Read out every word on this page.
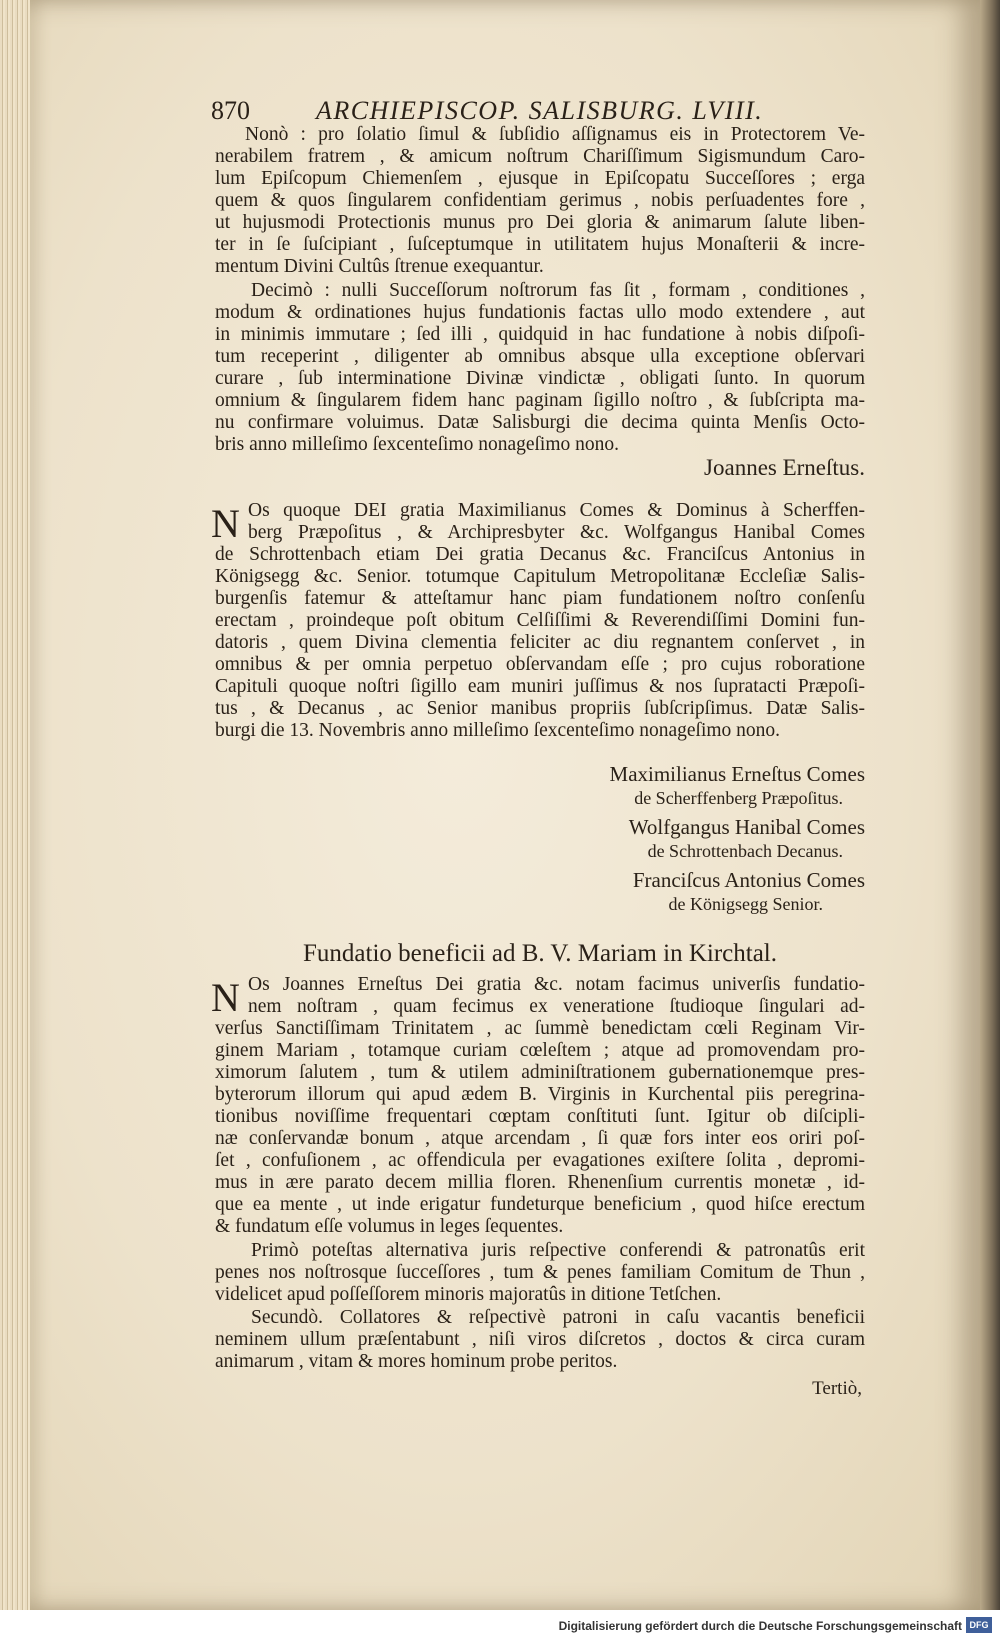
870	ARCHIEPISCOP. SALISBURG. LVIII.
Nonò : pro ſolatio ſimul & ſubſidio aſſignamus eis in Protectorem Ve-
nerabilem fratrem , & amicum noſtrum Chariſſimum Sigismundum Caro-
lum Epiſcopum Chiemenſem , ejusque in Epiſcopatu Succeſſores ; erga
quem & quos ſingularem confidentiam gerimus , nobis perſuadentes fore ,
ut hujusmodi Protectionis munus pro Dei gloria & animarum ſalute liben-
ter in ſe ſuſcipiant , ſuſceptumque in utilitatem hujus Monaſterii & incre-
mentum Divini Cultûs ſtrenue exequantur.
Decimò : nulli Succeſſorum noſtrorum fas ſit , formam , conditiones ,
modum & ordinationes hujus fundationis factas ullo modo extendere , aut
in minimis immutare ; ſed illi , quidquid in hac fundatione à nobis diſpoſi-
tum receperint , diligenter ab omnibus absque ulla exceptione obſervari
curare , ſub interminatione Divinæ vindictæ , obligati ſunto. In quorum
omnium & ſingularem fidem hanc paginam ſigillo noſtro , & ſubſcripta ma-
nu confirmare voluimus. Datæ Salisburgi die decima quinta Menſis Octo-
bris anno milleſimo ſexcenteſimo nonageſimo nono.
Joannes Erneſtus.
N Os quoque DEI gratia Maximilianus Comes & Dominus à Scherffen-
berg Præpoſitus , & Archipresbyter &c. Wolfgangus Hanibal Comes
de Schrottenbach etiam Dei gratia Decanus &c. Franciſcus Antonius in
Königsegg &c. Senior. totumque Capitulum Metropolitanæ Eccleſiæ Salis-
burgenſis fatemur & atteſtamur hanc piam fundationem noſtro conſenſu
erectam , proindeque poſt obitum Celſiſſimi & Reverendiſſimi Domini fun-
datoris , quem Divina clementia feliciter ac diu regnantem conſervet , in
omnibus & per omnia perpetuo obſervandam eſſe ; pro cujus roboratione
Capituli quoque noſtri ſigillo eam muniri juſſimus & nos ſupratacti Præpoſi-
tus , & Decanus , ac Senior manibus propriis ſubſcripſimus. Datæ Salis-
burgi die 13. Novembris anno milleſimo ſexcenteſimo nonageſimo nono.
Maximilianus Erneſtus Comes
de Scherffenberg Præpoſitus.
Wolfgangus Hanibal Comes
de Schrottenbach Decanus.
Franciſcus Antonius Comes
de Königsegg Senior.
Fundatio beneficii ad B. V. Mariam in Kirchtal.
N Os Joannes Erneſtus Dei gratia &c. notam facimus univerſis fundatio-
nem noſtram , quam fecimus ex veneratione ſtudioque ſingulari ad-
verſus Sanctiſſimam Trinitatem , ac ſummè benedictam cœli Reginam Vir-
ginem Mariam , totamque curiam cœleſtem ; atque ad promovendam pro-
ximorum ſalutem , tum & utilem adminiſtrationem gubernationemque pres-
byterorum illorum qui apud ædem B. Virginis in Kurchental piis peregrina-
tionibus noviſſime frequentari cœptam conſtituti ſunt. Igitur ob diſcipli-
næ conſervandæ bonum , atque arcendam , ſi quæ fors inter eos oriri poſ-
ſet , confuſionem , ac offendicula per evagationes exiſtere ſolita , depromi-
mus in ære parato decem millia floren. Rhenenſium currentis monetæ , id-
que ea mente , ut inde erigatur fundeturque beneficium , quod hiſce erectum
& fundatum eſſe volumus in leges ſequentes.
Primò poteſtas alternativa juris reſpective conferendi & patronatûs erit
penes nos noſtrosque ſucceſſores , tum & penes familiam Comitum de Thun ,
videlicet apud poſſeſſorem minoris majoratûs in ditione Tetſchen.
Secundò. Collatores & reſpectivè patroni in caſu vacantis beneficii
neminem ullum præſentabunt , niſi viros diſcretos , doctos & circa curam
animarum , vitam & mores hominum probe peritos.
Tertiò,
Digitalisierung gefördert durch die Deutsche Forschungsgemeinschaft DFG
